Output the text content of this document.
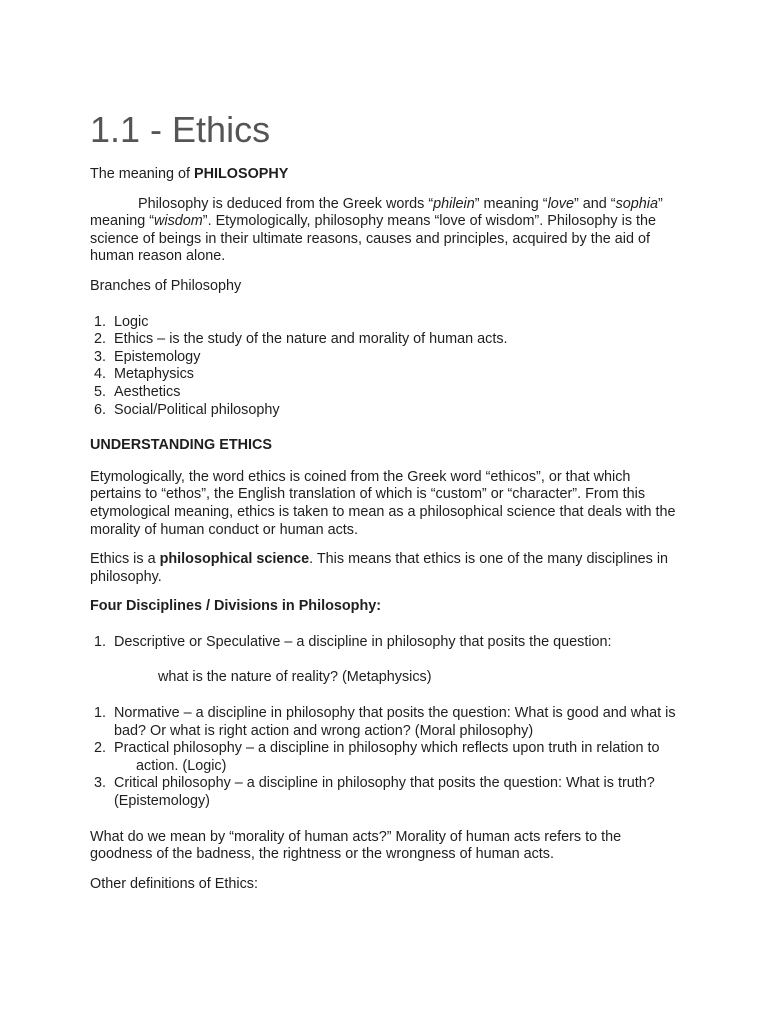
1.1 - Ethics

The meaning of PHILOSOPHY

Philosophy is deduced from the Greek words “philein” meaning “love” and “sophia” meaning “wisdom”. Etymologically, philosophy means “love of wisdom”. Philosophy is the science of beings in their ultimate reasons, causes and principles, acquired by the aid of human reason alone.

Branches of Philosophy

1. Logic
2. Ethics – is the study of the nature and morality of human acts.
3. Epistemology
4. Metaphysics
5. Aesthetics
6. Social/Political philosophy

UNDERSTANDING ETHICS

Etymologically, the word ethics is coined from the Greek word “ethicos”, or that which pertains to “ethos”, the English translation of which is “custom” or “character”. From this etymological meaning, ethics is taken to mean as a philosophical science that deals with the morality of human conduct or human acts.

Ethics is a philosophical science. This means that ethics is one of the many disciplines in philosophy.

Four Disciplines / Divisions in Philosophy:

1. Descriptive or Speculative – a discipline in philosophy that posits the question:

what is the nature of reality? (Metaphysics)

1. Normative – a discipline in philosophy that posits the question: What is good and what is bad? Or what is right action and wrong action? (Moral philosophy)
2. Practical philosophy – a discipline in philosophy which reflects upon truth in relation toaction. (Logic)
3. Critical philosophy – a discipline in philosophy that posits the question: What is truth?(Epistemology)

What do we mean by “morality of human acts?” Morality of human acts refers to the goodness of the badness, the rightness or the wrongness of human acts.

Other definitions of Ethics:
